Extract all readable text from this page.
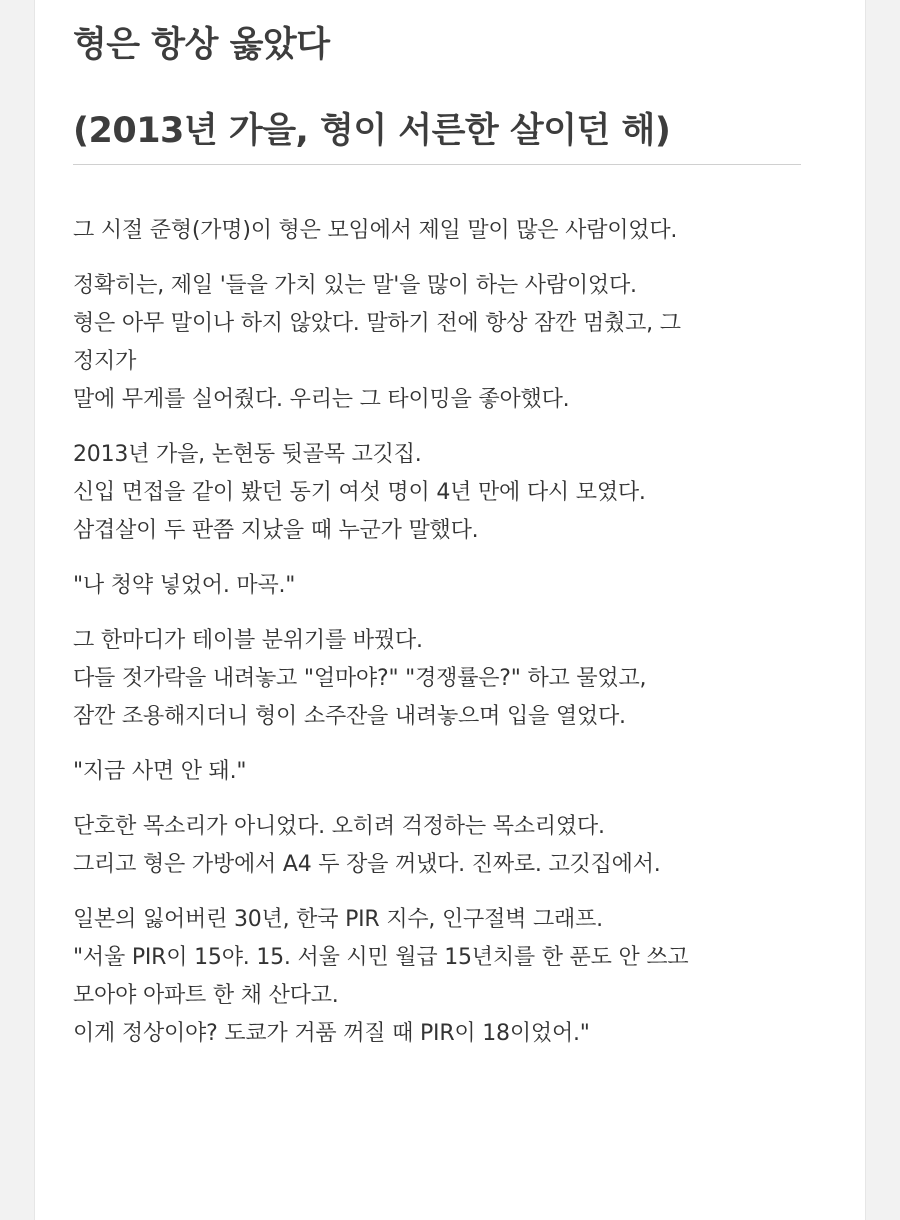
형은 항상 옳았다
(2013년 가을, 형이 서른한 살이던 해)
그 시절 준형(가명)이 형은 모임에서 제일 말이 많은 사람이었다.
정확히는, 제일 '들을 가치 있는 말'을 많이 하는 사람이었다.
형은 아무 말이나 하지 않았다. 말하기 전에 항상 잠깐 멈췄고, 그
정지가
말에 무게를 실어줬다. 우리는 그 타이밍을 좋아했다.
2013년 가을, 논현동 뒷골목 고깃집.
신입 면접을 같이 봤던 동기 여섯 명이 4년 만에 다시 모였다.
삼겹살이 두 판쯤 지났을 때 누군가 말했다.
"나 청약 넣었어. 마곡."
그 한마디가 테이블 분위기를 바꿨다.
다들 젓가락을 내려놓고 "얼마야?" "경쟁률은?" 하고 물었고,
잠깐 조용해지더니 형이 소주잔을 내려놓으며 입을 열었다.
"지금 사면 안 돼."
단호한 목소리가 아니었다. 오히려 걱정하는 목소리였다.
그리고 형은 가방에서 A4 두 장을 꺼냈다. 진짜로. 고깃집에서.
일본의 잃어버린 30년, 한국 PIR 지수, 인구절벽 그래프.
"서울 PIR이 15야. 15. 서울 시민 월급 15년치를 한 푼도 안 쓰고
모아야 아파트 한 채 산다고.
이게 정상이야? 도쿄가 거품 꺼질 때 PIR이 18이었어."
